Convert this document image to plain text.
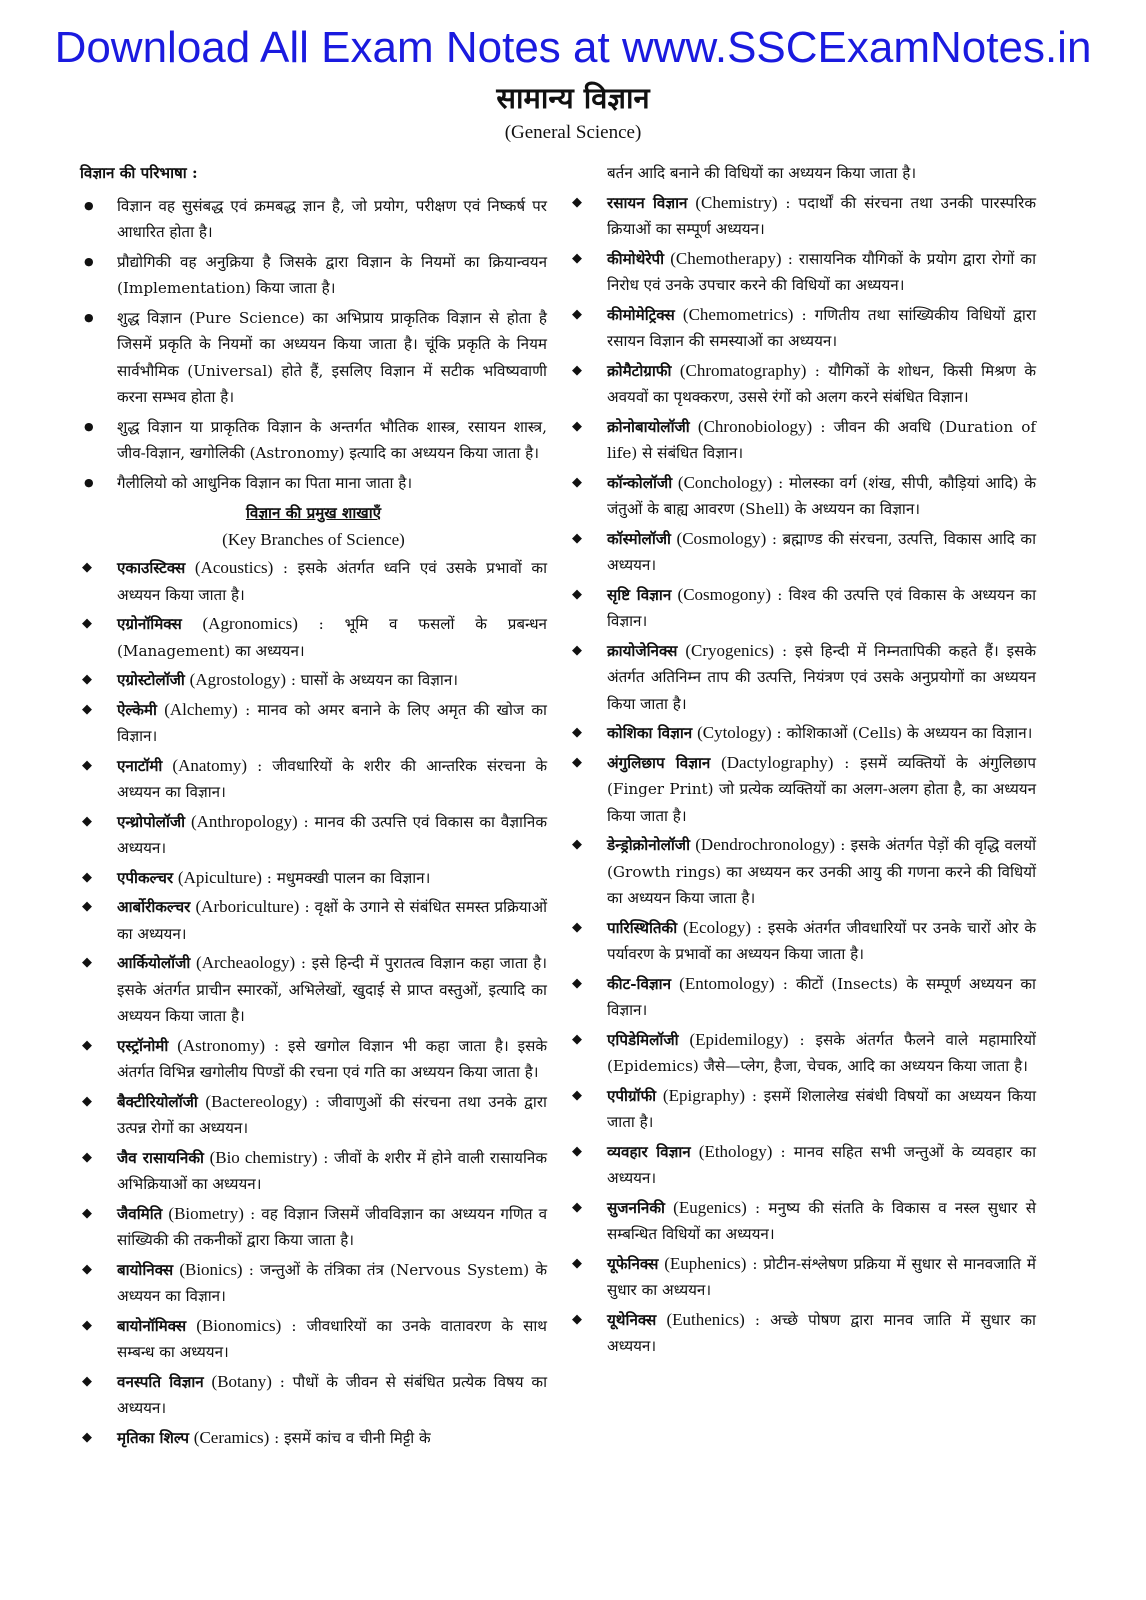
Download All Exam Notes at www.SSCExamNotes.in
सामान्य विज्ञान
(General Science)
विज्ञान की परिभाषा :
● विज्ञान वह सुसंबद्ध एवं क्रमबद्ध ज्ञान है, जो प्रयोग, परीक्षण एवं निष्कर्ष पर आधारित होता है।
● प्रौद्योगिकी वह अनुक्रिया है जिसके द्वारा विज्ञान के नियमों का क्रियान्वयन (Implementation) किया जाता है।
● शुद्ध विज्ञान (Pure Science) का अभिप्राय प्राकृतिक विज्ञान से होता है जिसमें प्रकृति के नियमों का अध्ययन किया जाता है। चूंकि प्रकृति के नियम सार्वभौमिक (Universal) होते हैं, इसलिए विज्ञान में सटीक भविष्यवाणी करना सम्भव होता है।
● शुद्ध विज्ञान या प्राकृतिक विज्ञान के अन्तर्गत भौतिक शास्त्र, रसायन शास्त्र, जीव-विज्ञान, खगोलिकी (Astronomy) इत्यादि का अध्ययन किया जाता है।
● गैलीलियो को आधुनिक विज्ञान का पिता माना जाता है।
विज्ञान की प्रमुख शाखाएँ
(Key Branches of Science)
◆ एकाउस्टिक्स (Acoustics) : इसके अंतर्गत ध्वनि एवं उसके प्रभावों का अध्ययन किया जाता है।
◆ एग्रोनॉमिक्स (Agronomics) : भूमि व फसलों के प्रबन्धन (Management) का अध्ययन।
◆ एग्रोस्टोलॉजी (Agrostology) : घासों के अध्ययन का विज्ञान।
◆ ऐल्केमी (Alchemy) : मानव को अमर बनाने के लिए अमृत की खोज का विज्ञान।
◆ एनाटॉमी (Anatomy) : जीवधारियों के शरीर की आन्तरिक संरचना के अध्ययन का विज्ञान।
◆ एन्थ्रोपोलॉजी (Anthropology) : मानव की उत्पत्ति एवं विकास का वैज्ञानिक अध्ययन।
◆ एपीकल्चर (Apiculture) : मधुमक्खी पालन का विज्ञान।
◆ आर्बोरीकल्चर (Arboriculture) : वृक्षों के उगाने से संबंधित समस्त प्रक्रियाओं का अध्ययन।
◆ आर्कियोलॉजी (Archeaology) : इसे हिन्दी में पुरातत्व विज्ञान कहा जाता है। इसके अंतर्गत प्राचीन स्मारकों, अभिलेखों, खुदाई से प्राप्त वस्तुओं, इत्यादि का अध्ययन किया जाता है।
◆ एस्ट्रॉनोमी (Astronomy) : इसे खगोल विज्ञान भी कहा जाता है। इसके अंतर्गत विभिन्न खगोलीय पिण्डों की रचना एवं गति का अध्ययन किया जाता है।
◆ बैक्टीरियोलॉजी (Bactereology) : जीवाणुओं की संरचना तथा उनके द्वारा उत्पन्न रोगों का अध्ययन।
◆ जैव रासायनिकी (Bio chemistry) : जीवों के शरीर में होने वाली रासायनिक अभिक्रियाओं का अध्ययन।
◆ जैवमिति (Biometry) : वह विज्ञान जिसमें जीवविज्ञान का अध्ययन गणित व सांख्यिकी की तकनीकों द्वारा किया जाता है।
◆ बायोनिक्स (Bionics) : जन्तुओं के तंत्रिका तंत्र (Nervous System) के अध्ययन का विज्ञान।
◆ बायोनॉमिक्स (Bionomics) : जीवधारियों का उनके वातावरण के साथ सम्बन्ध का अध्ययन।
◆ वनस्पति विज्ञान (Botany) : पौधों के जीवन से संबंधित प्रत्येक विषय का अध्ययन।
◆ मृतिका शिल्प (Ceramics) : इसमें कांच व चीनी मिट्टी के
बर्तन आदि बनाने की विधियों का अध्ययन किया जाता है।
◆ रसायन विज्ञान (Chemistry) : पदार्थों की संरचना तथा उनकी पारस्परिक क्रियाओं का सम्पूर्ण अध्ययन।
◆ कीमोथेरेपी (Chemotherapy) : रासायनिक यौगिकों के प्रयोग द्वारा रोगों का निरोध एवं उनके उपचार करने की विधियों का अध्ययन।
◆ कीमोमेट्रिक्स (Chemometrics) : गणितीय तथा सांख्यिकीय विधियों द्वारा रसायन विज्ञान की समस्याओं का अध्ययन।
◆ क्रोमैटोग्राफी (Chromatography) : यौगिकों के शोधन, किसी मिश्रण के अवयवों का पृथक्करण, उससे रंगों को अलग करने संबंधित विज्ञान।
◆ क्रोनोबायोलॉजी (Chronobiology) : जीवन की अवधि (Duration of life) से संबंधित विज्ञान।
◆ कॉन्कोलॉजी (Conchology) : मोलस्का वर्ग (शंख, सीपी, कौड़ियां आदि) के जंतुओं के बाह्य आवरण (Shell) के अध्ययन का विज्ञान।
◆ कॉस्मोलॉजी (Cosmology) : ब्रह्माण्ड की संरचना, उत्पत्ति, विकास आदि का अध्ययन।
◆ सृष्टि विज्ञान (Cosmogony) : विश्व की उत्पत्ति एवं विकास के अध्ययन का विज्ञान।
◆ क्रायोजेनिक्स (Cryogenics) : इसे हिन्दी में निम्नतापिकी कहते हैं। इसके अंतर्गत अतिनिम्न ताप की उत्पत्ति, नियंत्रण एवं उसके अनुप्रयोगों का अध्ययन किया जाता है।
◆ कोशिका विज्ञान (Cytology) : कोशिकाओं (Cells) के अध्ययन का विज्ञान।
◆ अंगुलिछाप विज्ञान (Dactylography) : इसमें व्यक्तियों के अंगुलिछाप (Finger Print) जो प्रत्येक व्यक्तियों का अलग-अलग होता है, का अध्ययन किया जाता है।
◆ डेन्ड्रोक्रोनोलॉजी (Dendrochronology) : इसके अंतर्गत पेड़ों की वृद्धि वलयों (Growth rings) का अध्ययन कर उनकी आयु की गणना करने की विधियों का अध्ययन किया जाता है।
◆ पारिस्थितिकी (Ecology) : इसके अंतर्गत जीवधारियों पर उनके चारों ओर के पर्यावरण के प्रभावों का अध्ययन किया जाता है।
◆ कीट-विज्ञान (Entomology) : कीटों (Insects) के सम्पूर्ण अध्ययन का विज्ञान।
◆ एपिडेमिलॉजी (Epidemilogy) : इसके अंतर्गत फैलने वाले महामारियों (Epidemics) जैसे—प्लेग, हैजा, चेचक, आदि का अध्ययन किया जाता है।
◆ एपीग्रॉफी (Epigraphy) : इसमें शिलालेख संबंधी विषयों का अध्ययन किया जाता है।
◆ व्यवहार विज्ञान (Ethology) : मानव सहित सभी जन्तुओं के व्यवहार का अध्ययन।
◆ सुजननिकी (Eugenics) : मनुष्य की संतति के विकास व नस्ल सुधार से सम्बन्धित विधियों का अध्ययन।
◆ यूफेनिक्स (Euphenics) : प्रोटीन-संश्लेषण प्रक्रिया में सुधार से मानवजाति में सुधार का अध्ययन।
◆ यूथेनिक्स (Euthenics) : अच्छे पोषण द्वारा मानव जाति में सुधार का अध्ययन।
